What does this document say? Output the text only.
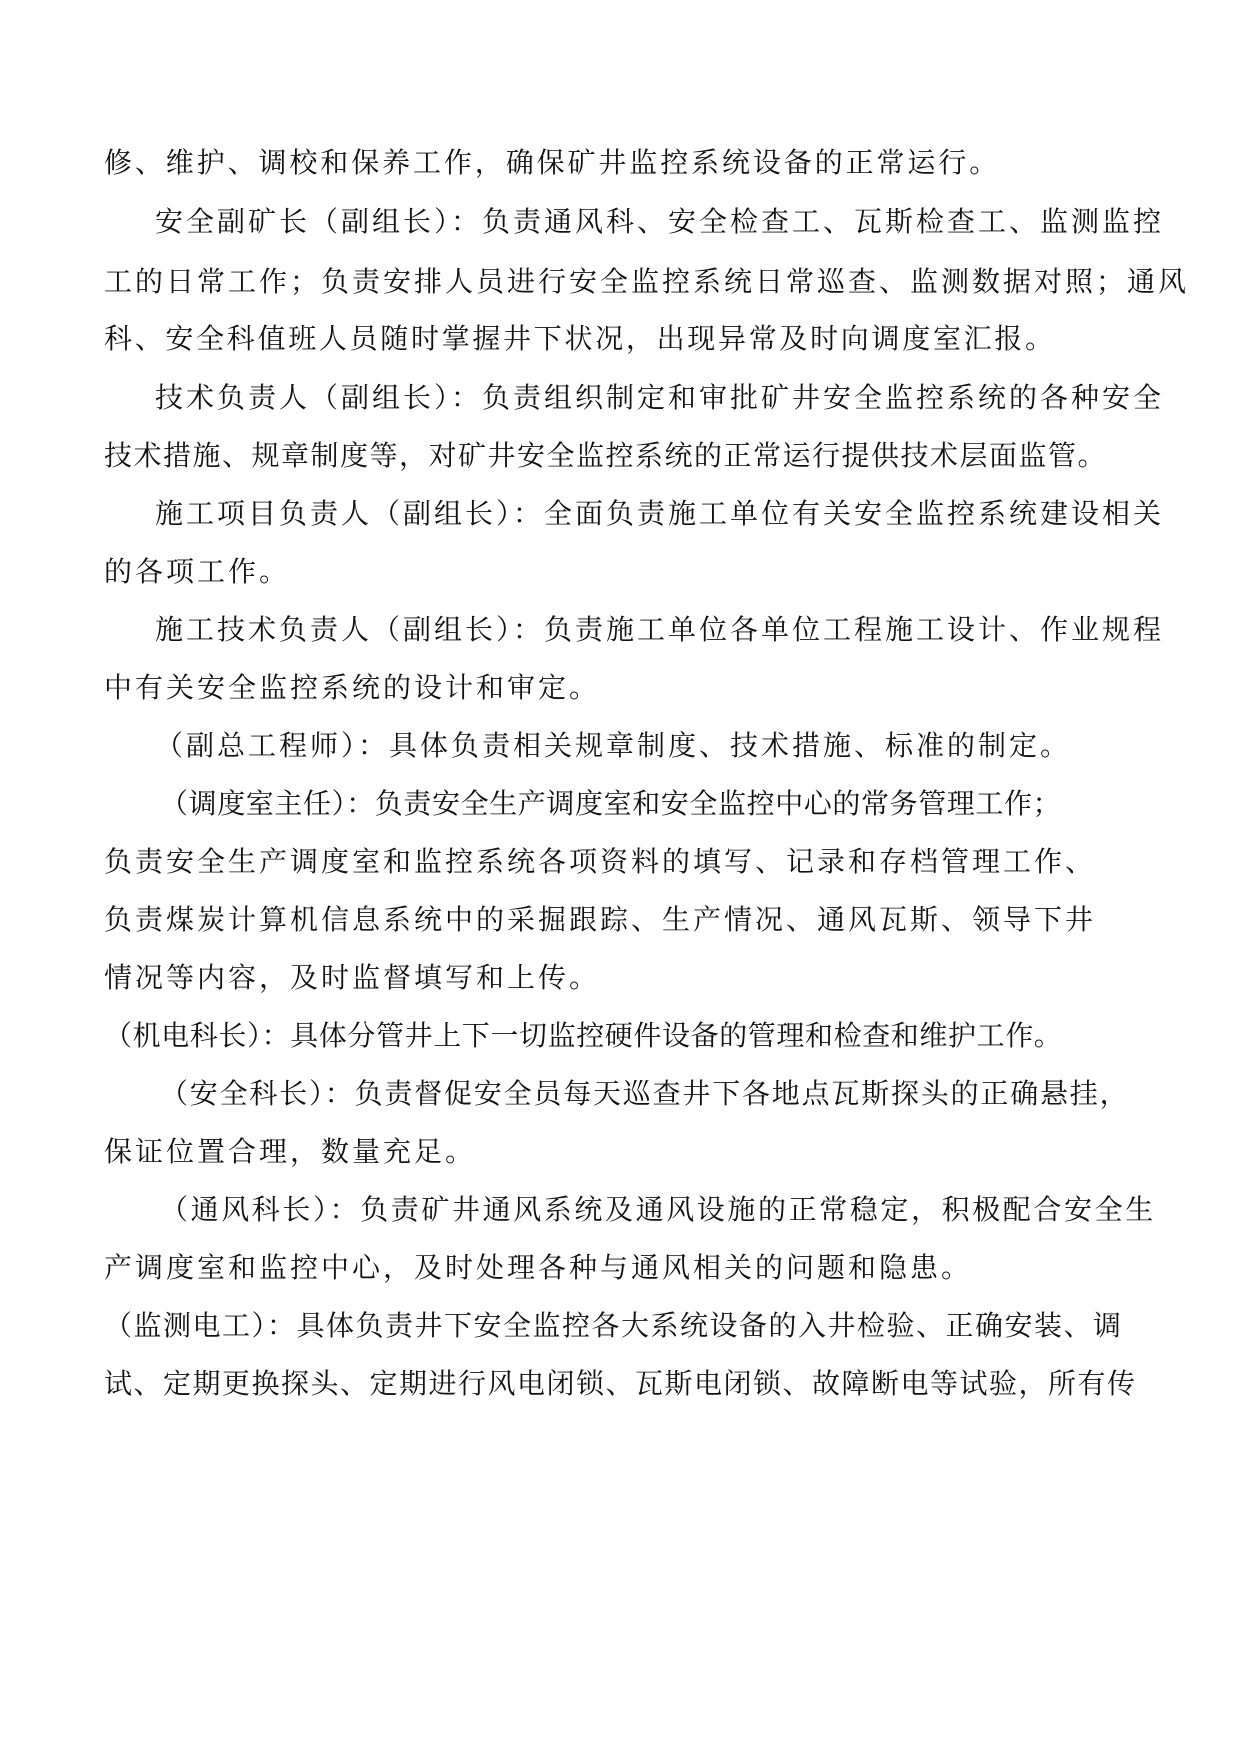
修、维护、调校和保养工作，确保矿井监控系统设备的正常运行。

安全副矿长（副组长）：负责通风科、安全检查工、瓦斯检查工、监测监控

工的日常工作；负责安排人员进行安全监控系统日常巡查、监测数据对照；通风

科、安全科值班人员随时掌握井下状况，出现异常及时向调度室汇报。

技术负责人（副组长）：负责组织制定和审批矿井安全监控系统的各种安全

技术措施、规章制度等，对矿井安全监控系统的正常运行提供技术层面监管。

施工项目负责人（副组长）：全面负责施工单位有关安全监控系统建设相关

的各项工作。

施工技术负责人（副组长）：负责施工单位各单位工程施工设计、作业规程

中有关安全监控系统的设计和审定。

（副总工程师）：具体负责相关规章制度、技术措施、标准的制定。

（调度室主任）：负责安全生产调度室和安全监控中心的常务管理工作；

负责安全生产调度室和监控系统各项资料的填写、记录和存档管理工作、

负责煤炭计算机信息系统中的采掘跟踪、生产情况、通风瓦斯、领导下井

情况等内容，及时监督填写和上传。

（机电科长）：具体分管井上下一切监控硬件设备的管理和检查和维护工作。

（安全科长）：负责督促安全员每天巡查井下各地点瓦斯探头的正确悬挂，

保证位置合理，数量充足。

（通风科长）：负责矿井通风系统及通风设施的正常稳定，积极配合安全生

产调度室和监控中心，及时处理各种与通风相关的问题和隐患。

（监测电工）：具体负责井下安全监控各大系统设备的入井检验、正确安装、调

试、定期更换探头、定期进行风电闭锁、瓦斯电闭锁、故障断电等试验，所有传
